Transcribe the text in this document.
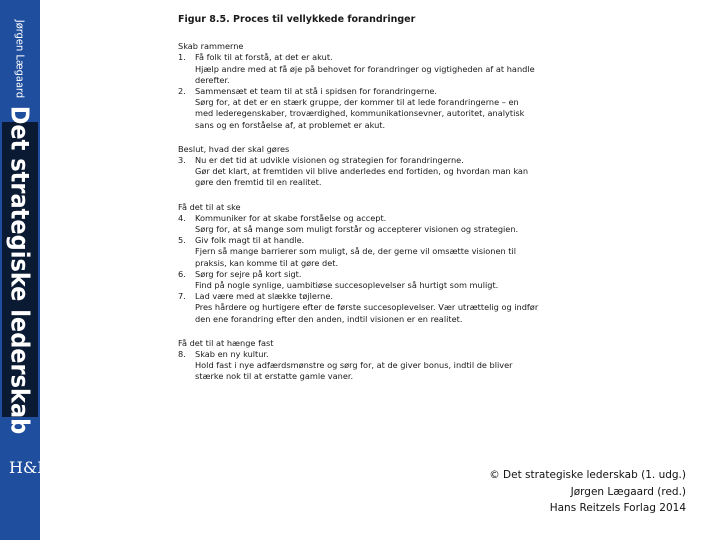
Jørgen Lægaard
Det strategiske lederskab
H&R
Figur 8.5. Proces til vellykkede forandringer
Skab rammerne
1.	Få folk til at forstå, at det er akut.
Hjælp andre med at få øje på behovet for forandringer og vigtigheden af at handle
derefter.
2.	Sammensæt et team til at stå i spidsen for forandringerne.
Sørg for, at det er en stærk gruppe, der kommer til at lede forandringerne – en
med lederegenskaber, troværdighed, kommunikationsevner, autoritet, analytisk
sans og en forståelse af, at problemet er akut.
Beslut, hvad der skal gøres
3.	Nu er det tid at udvikle visionen og strategien for forandringerne.
Gør det klart, at fremtiden vil blive anderledes end fortiden, og hvordan man kan
gøre den fremtid til en realitet.
Få det til at ske
4.	Kommuniker for at skabe forståelse og accept.
Sørg for, at så mange som muligt forstår og accepterer visionen og strategien.
5.	Giv folk magt til at handle.
Fjern så mange barrierer som muligt, så de, der gerne vil omsætte visionen til
praksis, kan komme til at gøre det.
6.	Sørg for sejre på kort sigt.
Find på nogle synlige, uambitiøse succesoplevelser så hurtigt som muligt.
7.	Lad være med at slække tøjlerne.
Pres hårdere og hurtigere efter de første succesoplevelser. Vær utrættelig og indfør
den ene forandring efter den anden, indtil visionen er en realitet.
Få det til at hænge fast
8.	Skab en ny kultur.
Hold fast i nye adfærdsmønstre og sørg for, at de giver bonus, indtil de bliver
stærke nok til at erstatte gamle vaner.
© Det strategiske lederskab (1. udg.)
Jørgen Lægaard (red.)
Hans Reitzels Forlag 2014
